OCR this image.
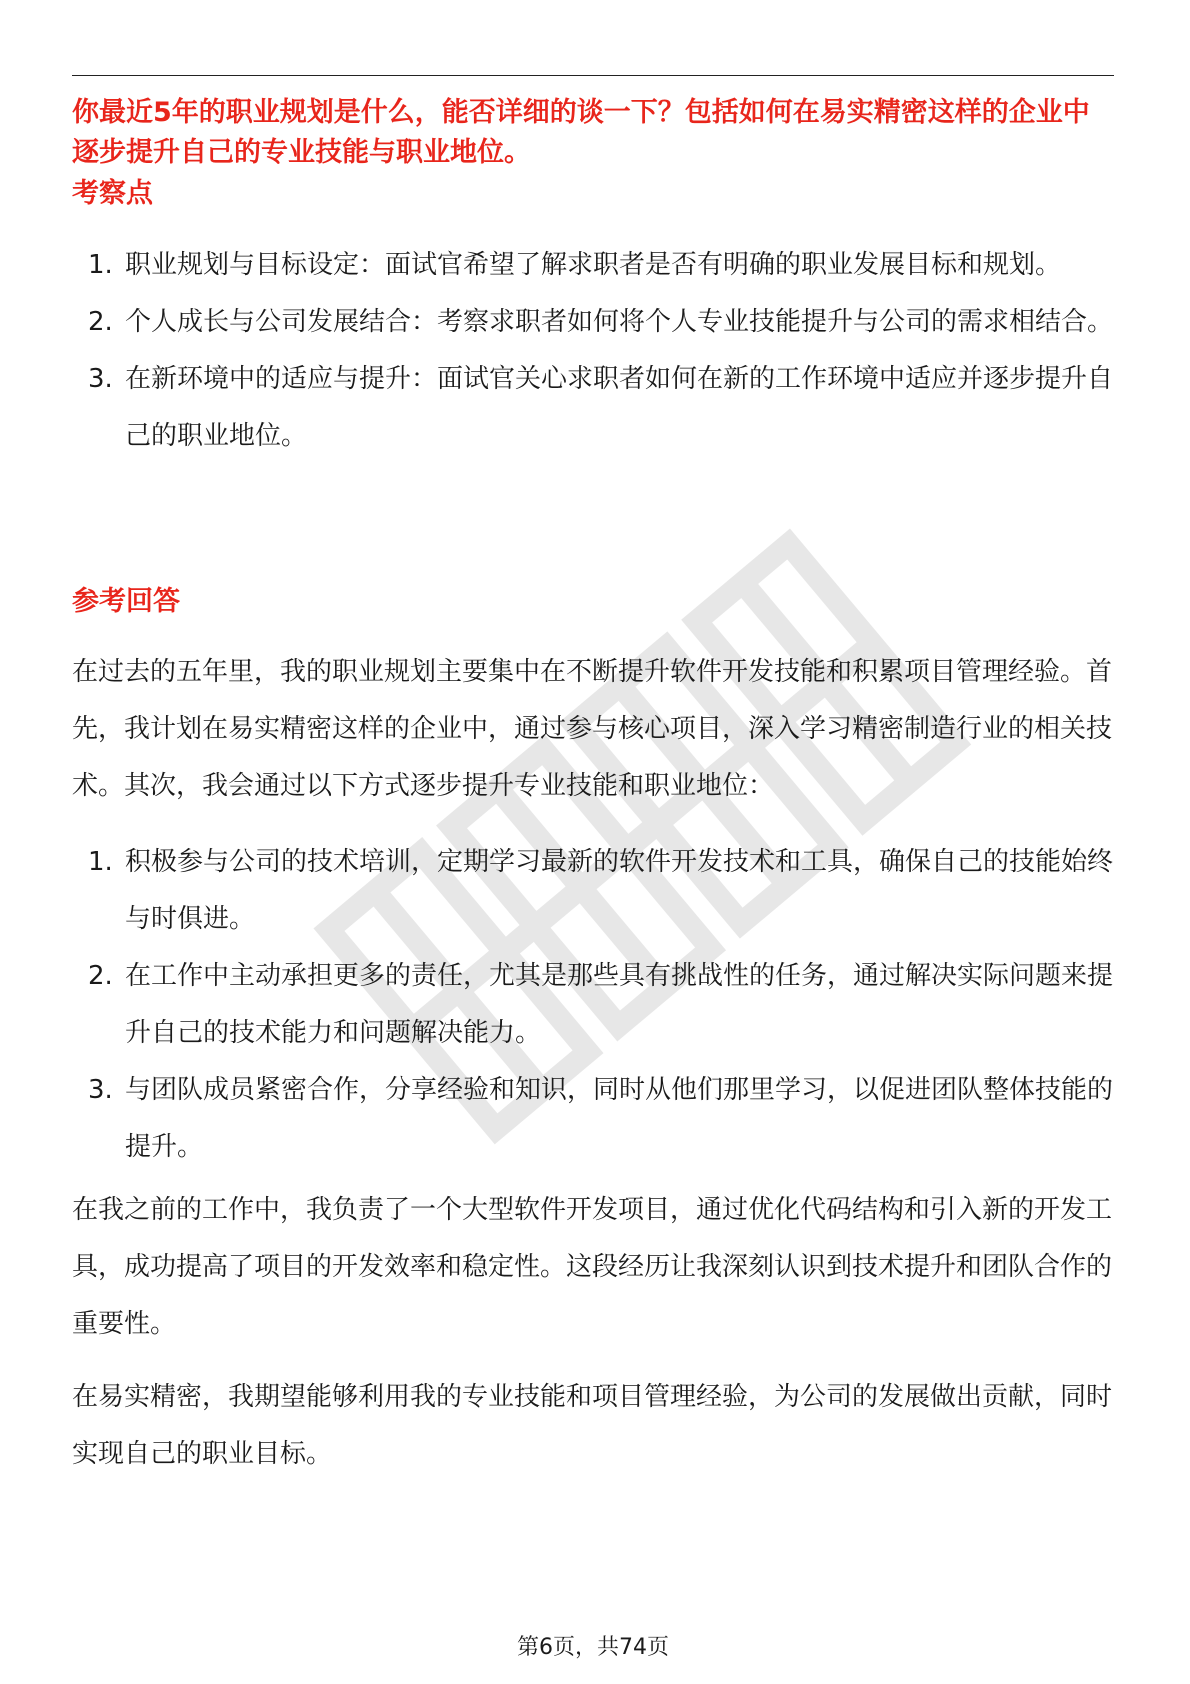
你最近5年的职业规划是什么，能否详细的谈一下？包括如何在易实精密这样的企业中逐步提升自己的专业技能与职业地位。

考察点

1. 职业规划与目标设定：面试官希望了解求职者是否有明确的职业发展目标和规划。
2. 个人成长与公司发展结合：考察求职者如何将个人专业技能提升与公司的需求相结合。
3. 在新环境中的适应与提升：面试官关心求职者如何在新的工作环境中适应并逐步提升自己的职业地位。

参考回答

在过去的五年里，我的职业规划主要集中在不断提升软件开发技能和积累项目管理经验。首先，我计划在易实精密这样的企业中，通过参与核心项目，深入学习精密制造行业的相关技术。其次，我会通过以下方式逐步提升专业技能和职业地位：

1. 积极参与公司的技术培训，定期学习最新的软件开发技术和工具，确保自己的技能始终与时俱进。
2. 在工作中主动承担更多的责任，尤其是那些具有挑战性的任务，通过解决实际问题来提升自己的技术能力和问题解决能力。
3. 与团队成员紧密合作，分享经验和知识，同时从他们那里学习，以促进团队整体技能的提升。

在我之前的工作中，我负责了一个大型软件开发项目，通过优化代码结构和引入新的开发工具，成功提高了项目的开发效率和稳定性。这段经历让我深刻认识到技术提升和团队合作的重要性。

在易实精密，我期望能够利用我的专业技能和项目管理经验，为公司的发展做出贡献，同时实现自己的职业目标。

第6页，共74页
